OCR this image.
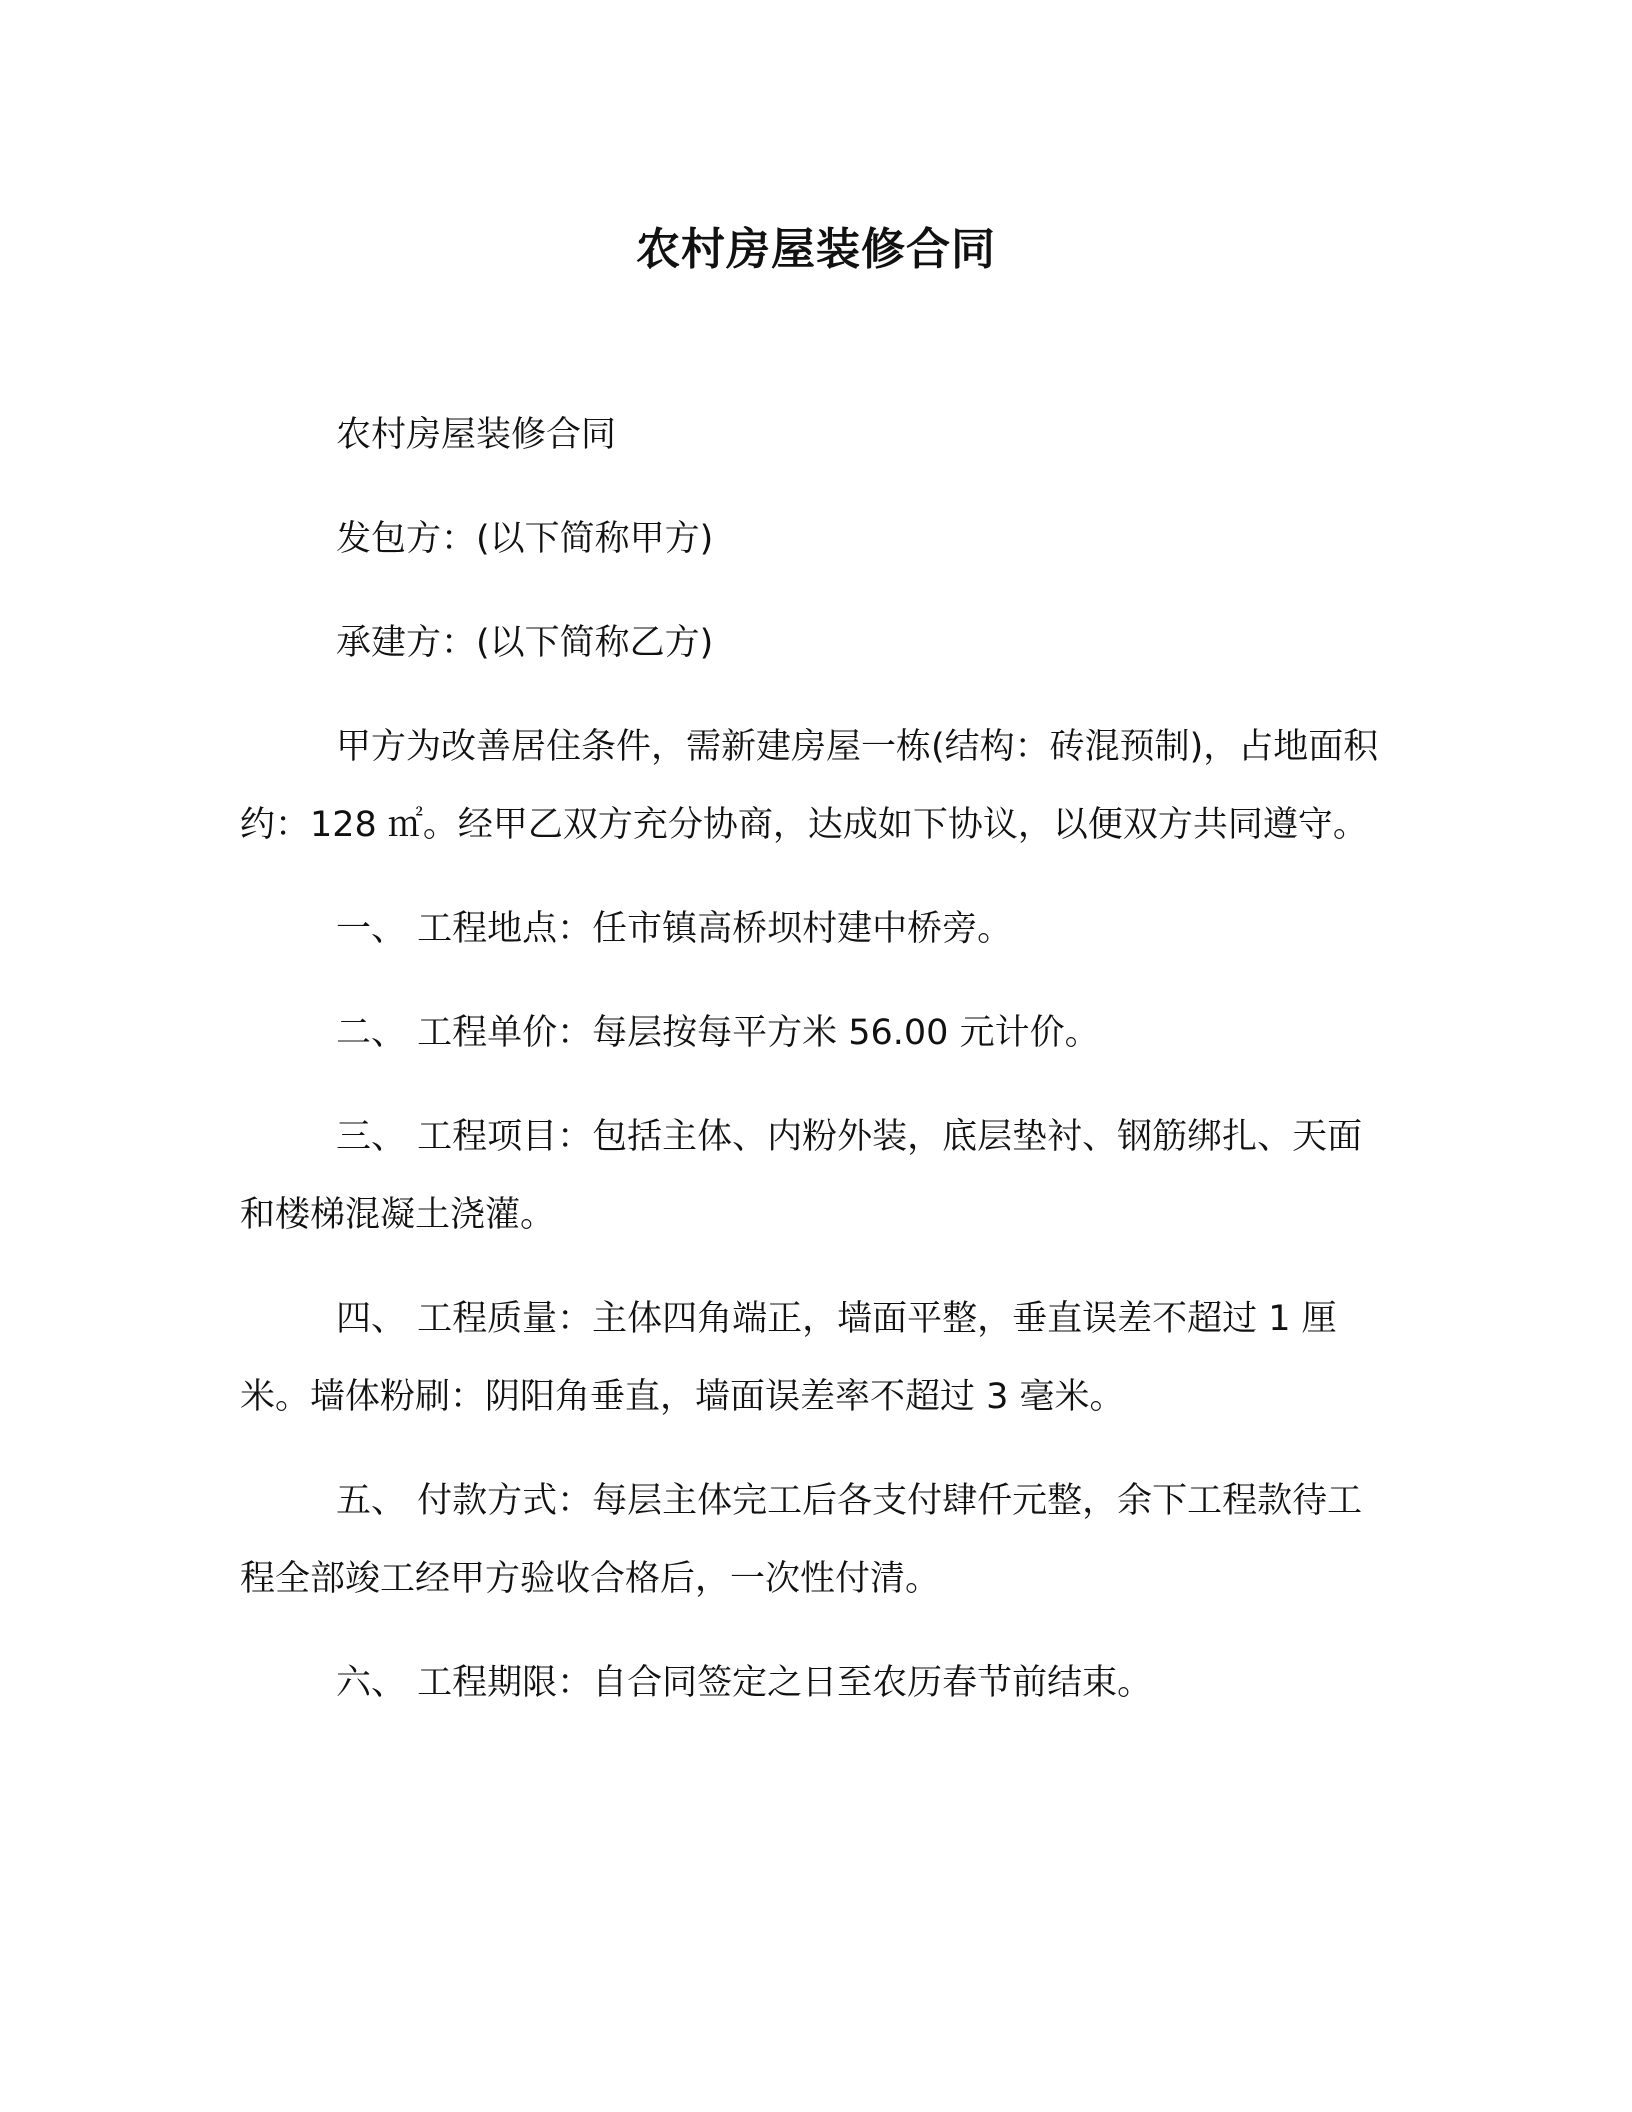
农村房屋装修合同

农村房屋装修合同

发包方：(以下简称甲方)

承建方：(以下简称乙方)

甲方为改善居住条件，需新建房屋一栋(结构：砖混预制)，占地面积约：128 ㎡。经甲乙双方充分协商，达成如下协议，以便双方共同遵守。

一、 工程地点：任市镇高桥坝村建中桥旁。

二、 工程单价：每层按每平方米 56.00 元计价。

三、 工程项目：包括主体、内粉外装，底层垫衬、钢筋绑扎、天面和楼梯混凝土浇灌。

四、 工程质量：主体四角端正，墙面平整，垂直误差不超过 1 厘米。墙体粉刷：阴阳角垂直，墙面误差率不超过 3 毫米。

五、 付款方式：每层主体完工后各支付肆仟元整，余下工程款待工程全部竣工经甲方验收合格后，一次性付清。

六、 工程期限：自合同签定之日至农历春节前结束。
